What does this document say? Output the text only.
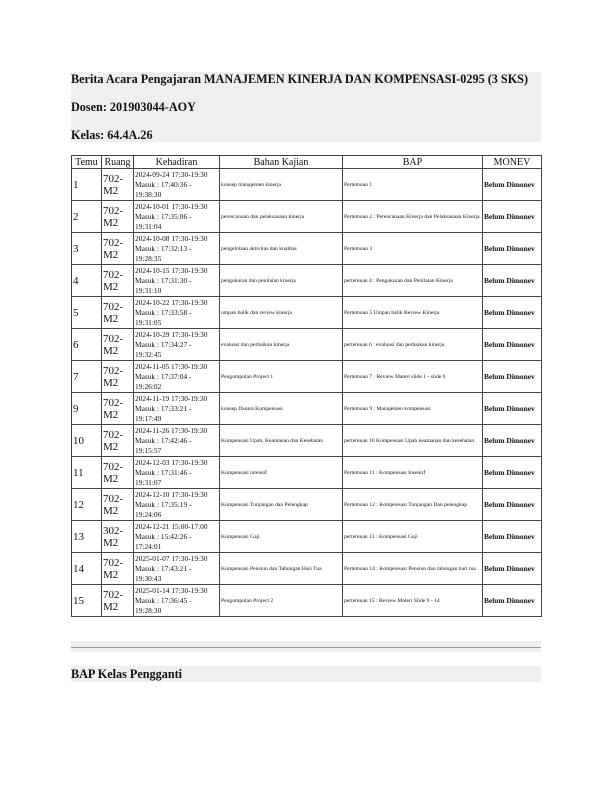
Berita Acara Pengajaran MANAJEMEN KINERJA DAN KOMPENSASI-0295 (3 SKS)
Dosen: 201903044-AOY
Kelas: 64.4A.26
Temu	Ruang	Kehadiran	Bahan Kajian	BAP	MONEV
1	702-M2	2024-09-24 17:30-19:30
Masuk : 17:40:36 - 19:38:30	konsep manajemen kinerja	Pertemuan 1	Belum Dimonev
2	702-M2	2024-10-01 17:30-19:30
Masuk : 17:35:06 - 19:31:04	perencanaan dan pelaksanaan kinerja	Pertemuan 2 : Perencanaan Kinerja dan Pelaksanaan Kinerja	Belum Dimonev
3	702-M2	2024-10-08 17:30-19:30
Masuk : 17:32:13 - 19:28:35	pengelolaan aktivitas dan kualitas	Pertemuan 3	Belum Dimonev
4	702-M2	2024-10-15 17:30-19:30
Masuk : 17:31:30 - 19:31:10	pengukuran dan penilaian kinerja	pertemuan 4 : Pengukuran dan Penilaian Kinerja	Belum Dimonev
5	702-M2	2024-10-22 17:30-19:30
Masuk : 17:33:58 - 19:31:05	umpan balik dan review kinerja	Pertemuan 5 Umpan balik Review Kinerja	Belum Dimonev
6	702-M2	2024-10-29 17:30-19:30
Masuk : 17:34:27 - 19:32:45	evaluasi dan perbaikan kinerja	pertemuan 6 : evaluasi dan perbaikan kinerja	Belum Dimonev
7	702-M2	2024-11-05 17:30-19:30
Masuk : 17:37:04 - 19:26:02	Pengumpulan Project 1	Pertemuan 7 : Review Materi slide 1 - slide 6	Belum Dimonev
9	702-M2	2024-11-19 17:30-19:30
Masuk : 17:33:21 - 19:17:49	konsep Dasara Kompensasi	Pertemuan 9 : Manajemen kompensasi	Belum Dimonev
10	702-M2	2024-11-26 17:30-19:30
Masuk : 17:42:46 - 19:15:57	Kompensasi Upah, Keamanan dan Kesehatan	pertemuan 10 Kompensasi Upah keamanan dan kesehatan	Belum Dimonev
11	702-M2	2024-12-03 17:30-19:30
Masuk : 17:31:46 - 19:31:07	Kompensasi intensif	Pertemuan 11 : Kompensasi Insentif	Belum Dimonev
12	702-M2	2024-12-10 17:30-19:30
Masuk : 17:35:19 - 19:24:06	Kompensasi Tunjangan dan Pelengkap	Pertemuan 12 : Kompensasi Tunjangan Dan pelengkap	Belum Dimonev
13	302-M2	2024-12-21 15:00-17:00
Masuk : 15:42:26 - 17:24:01	Kompensasi Gaji	pertemuan 13 : Kompensasi Gaji	Belum Dimonev
14	702-M2	2025-01-07 17:30-19:30
Masuk : 17:43:21 - 19:30:43	Kompensasi Pensiun dan Tabungan Hari Tua	Pertemuan 14 : Kompensasi Pensiun dan tabungan hari tua	Belum Dimonev
15	702-M2	2025-01-14 17:30-19:30
Masuk : 17:36:45 - 19:28:30	Pengumpulan Project 2	pertemuan 15 : Review Materi Slide 9 - 14	Belum Dimonev
BAP Kelas Pengganti
